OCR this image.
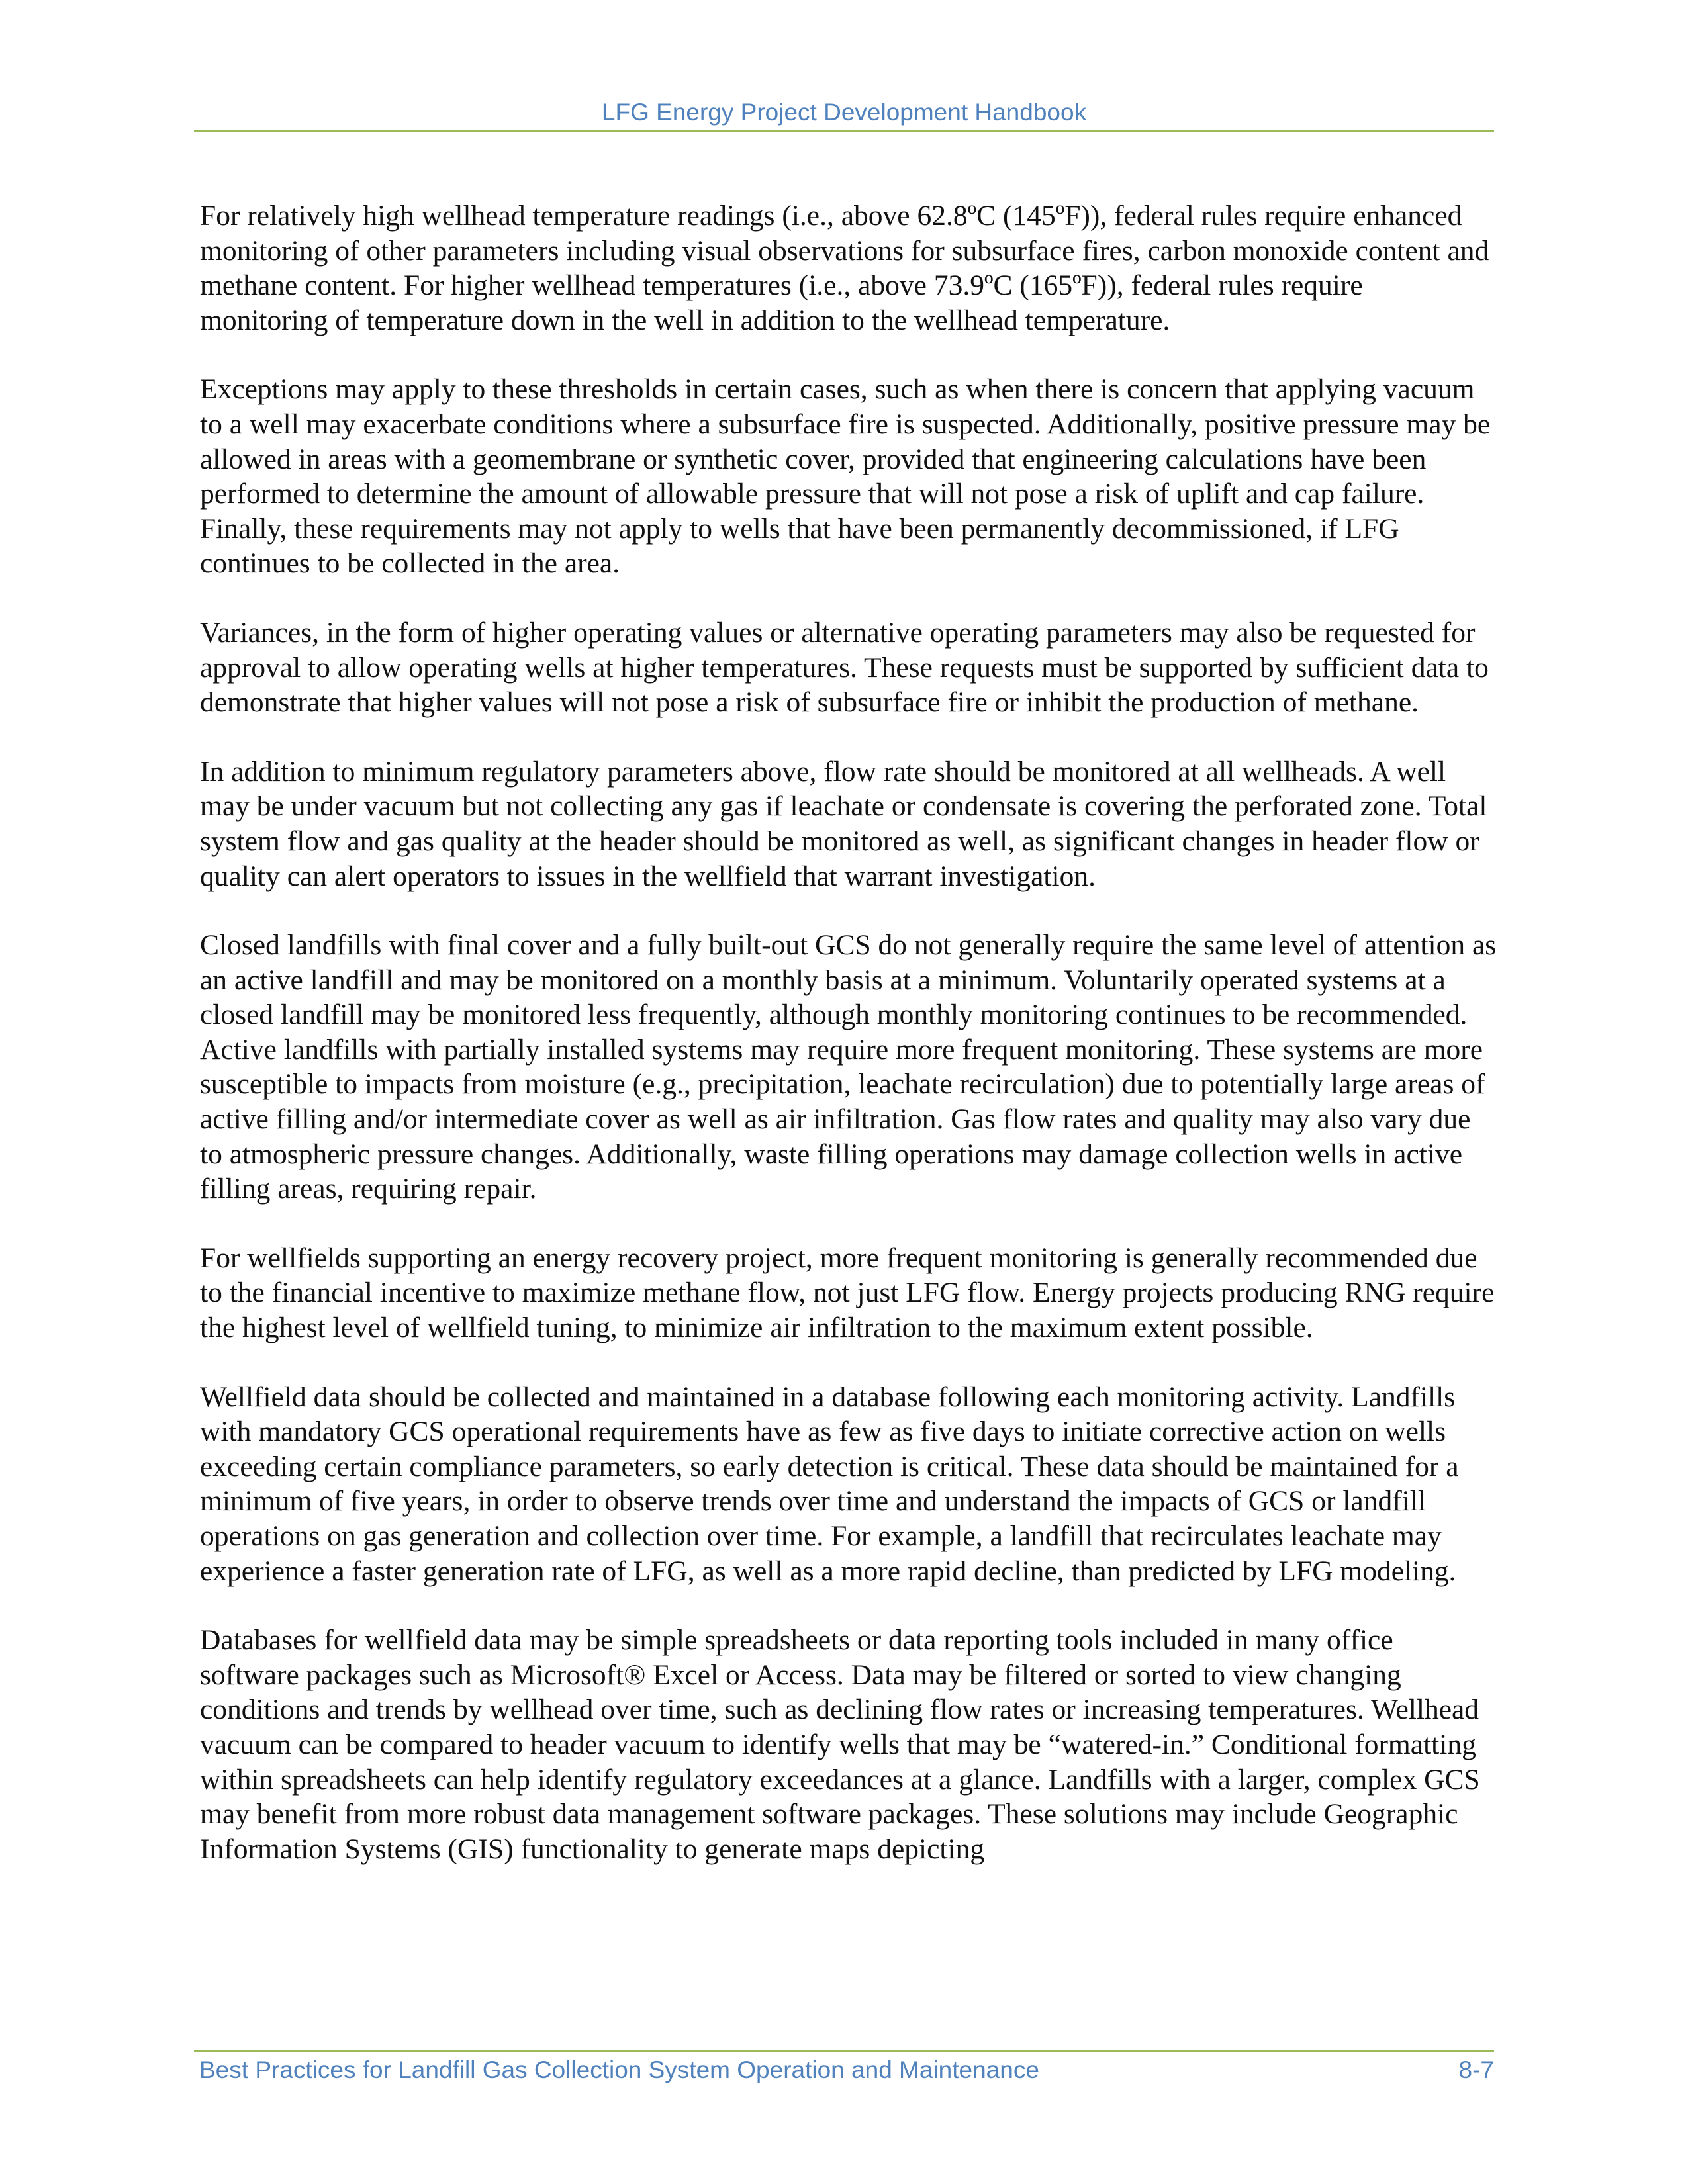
LFG Energy Project Development Handbook

For relatively high wellhead temperature readings (i.e., above 62.8ºC (145ºF)), federal rules require enhanced monitoring of other parameters including visual observations for subsurface fires, carbon monoxide content and methane content. For higher wellhead temperatures (i.e., above 73.9ºC (165ºF)), federal rules require monitoring of temperature down in the well in addition to the wellhead temperature.

Exceptions may apply to these thresholds in certain cases, such as when there is concern that applying vacuum to a well may exacerbate conditions where a subsurface fire is suspected. Additionally, positive pressure may be allowed in areas with a geomembrane or synthetic cover, provided that engineering calculations have been performed to determine the amount of allowable pressure that will not pose a risk of uplift and cap failure. Finally, these requirements may not apply to wells that have been permanently decommissioned, if LFG continues to be collected in the area.

Variances, in the form of higher operating values or alternative operating parameters may also be requested for approval to allow operating wells at higher temperatures. These requests must be supported by sufficient data to demonstrate that higher values will not pose a risk of subsurface fire or inhibit the production of methane.

In addition to minimum regulatory parameters above, flow rate should be monitored at all wellheads. A well may be under vacuum but not collecting any gas if leachate or condensate is covering the perforated zone. Total system flow and gas quality at the header should be monitored as well, as significant changes in header flow or quality can alert operators to issues in the wellfield that warrant investigation.

Closed landfills with final cover and a fully built-out GCS do not generally require the same level of attention as an active landfill and may be monitored on a monthly basis at a minimum. Voluntarily operated systems at a closed landfill may be monitored less frequently, although monthly monitoring continues to be recommended. Active landfills with partially installed systems may require more frequent monitoring. These systems are more susceptible to impacts from moisture (e.g., precipitation, leachate recirculation) due to potentially large areas of active filling and/or intermediate cover as well as air infiltration. Gas flow rates and quality may also vary due to atmospheric pressure changes. Additionally, waste filling operations may damage collection wells in active filling areas, requiring repair.

For wellfields supporting an energy recovery project, more frequent monitoring is generally recommended due to the financial incentive to maximize methane flow, not just LFG flow. Energy projects producing RNG require the highest level of wellfield tuning, to minimize air infiltration to the maximum extent possible.

Wellfield data should be collected and maintained in a database following each monitoring activity. Landfills with mandatory GCS operational requirements have as few as five days to initiate corrective action on wells exceeding certain compliance parameters, so early detection is critical. These data should be maintained for a minimum of five years, in order to observe trends over time and understand the impacts of GCS or landfill operations on gas generation and collection over time. For example, a landfill that recirculates leachate may experience a faster generation rate of LFG, as well as a more rapid decline, than predicted by LFG modeling.

Databases for wellfield data may be simple spreadsheets or data reporting tools included in many office software packages such as Microsoft® Excel or Access. Data may be filtered or sorted to view changing conditions and trends by wellhead over time, such as declining flow rates or increasing temperatures. Wellhead vacuum can be compared to header vacuum to identify wells that may be “watered-in.” Conditional formatting within spreadsheets can help identify regulatory exceedances at a glance. Landfills with a larger, complex GCS may benefit from more robust data management software packages. These solutions may include Geographic Information Systems (GIS) functionality to generate maps depicting

Best Practices for Landfill Gas Collection System Operation and Maintenance	8-7
